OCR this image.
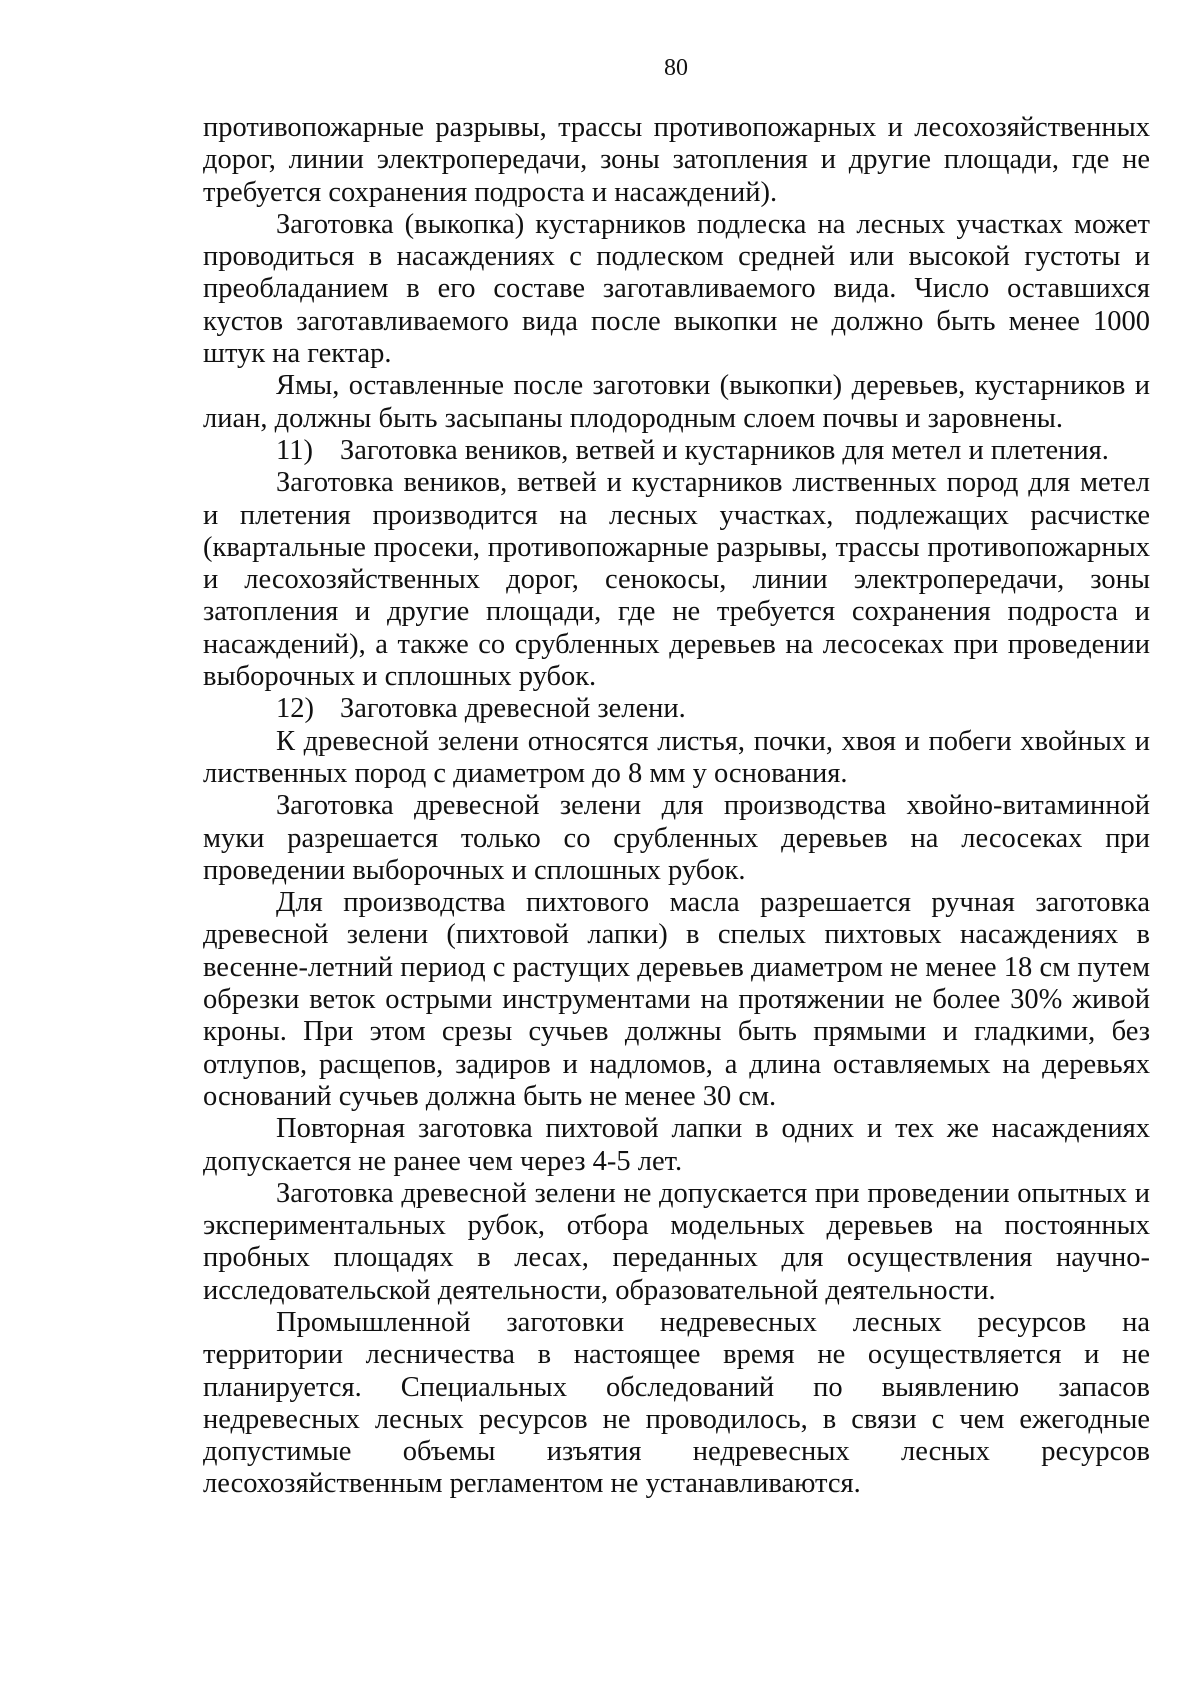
80

противопожарные разрывы, трассы противопожарных и лесохозяйственных дорог, линии электропередачи, зоны затопления и другие площади, где не требуется сохранения подроста и насаждений).

Заготовка (выкопка) кустарников подлеска на лесных участках может проводиться в насаждениях с подлеском средней или высокой густоты и преобладанием в его составе заготавливаемого вида. Число оставшихся кустов заготавливаемого вида после выкопки не должно быть менее 1000 штук на гектар.

Ямы, оставленные после заготовки (выкопки) деревьев, кустарников и лиан, должны быть засыпаны плодородным слоем почвы и заровнены.

11) Заготовка веников, ветвей и кустарников для метел и плетения.

Заготовка веников, ветвей и кустарников лиственных пород для метел и плетения производится на лесных участках, подлежащих расчистке (квартальные просеки, противопожарные разрывы, трассы противопожарных и лесохозяйственных дорог, сенокосы, линии электропередачи, зоны затопления и другие площади, где не требуется сохранения подроста и насаждений), а также со срубленных деревьев на лесосеках при проведении выборочных и сплошных рубок.

12) Заготовка древесной зелени.

К древесной зелени относятся листья, почки, хвоя и побеги хвойных и лиственных пород с диаметром до 8 мм у основания.

Заготовка древесной зелени для производства хвойно-витаминной муки разрешается только со срубленных деревьев на лесосеках при проведении выборочных и сплошных рубок.

Для производства пихтового масла разрешается ручная заготовка древесной зелени (пихтовой лапки) в спелых пихтовых насаждениях в весенне-летний период с растущих деревьев диаметром не менее 18 см путем обрезки веток острыми инструментами на протяжении не более 30% живой кроны. При этом срезы сучьев должны быть прямыми и гладкими, без отлупов, расщепов, задиров и надломов, а длина оставляемых на деревьях оснований сучьев должна быть не менее 30 см.

Повторная заготовка пихтовой лапки в одних и тех же насаждениях допускается не ранее чем через 4-5 лет.

Заготовка древесной зелени не допускается при проведении опытных и экспериментальных рубок, отбора модельных деревьев на постоянных пробных площадях в лесах, переданных для осуществления научно-исследовательской деятельности, образовательной деятельности.

Промышленной заготовки недревесных лесных ресурсов на территории лесничества в настоящее время не осуществляется и не планируется. Специальных обследований по выявлению запасов недревесных лесных ресурсов не проводилось, в связи с чем ежегодные допустимые объемы изъятия недревесных лесных ресурсов лесохозяйственным регламентом не устанавливаются.
